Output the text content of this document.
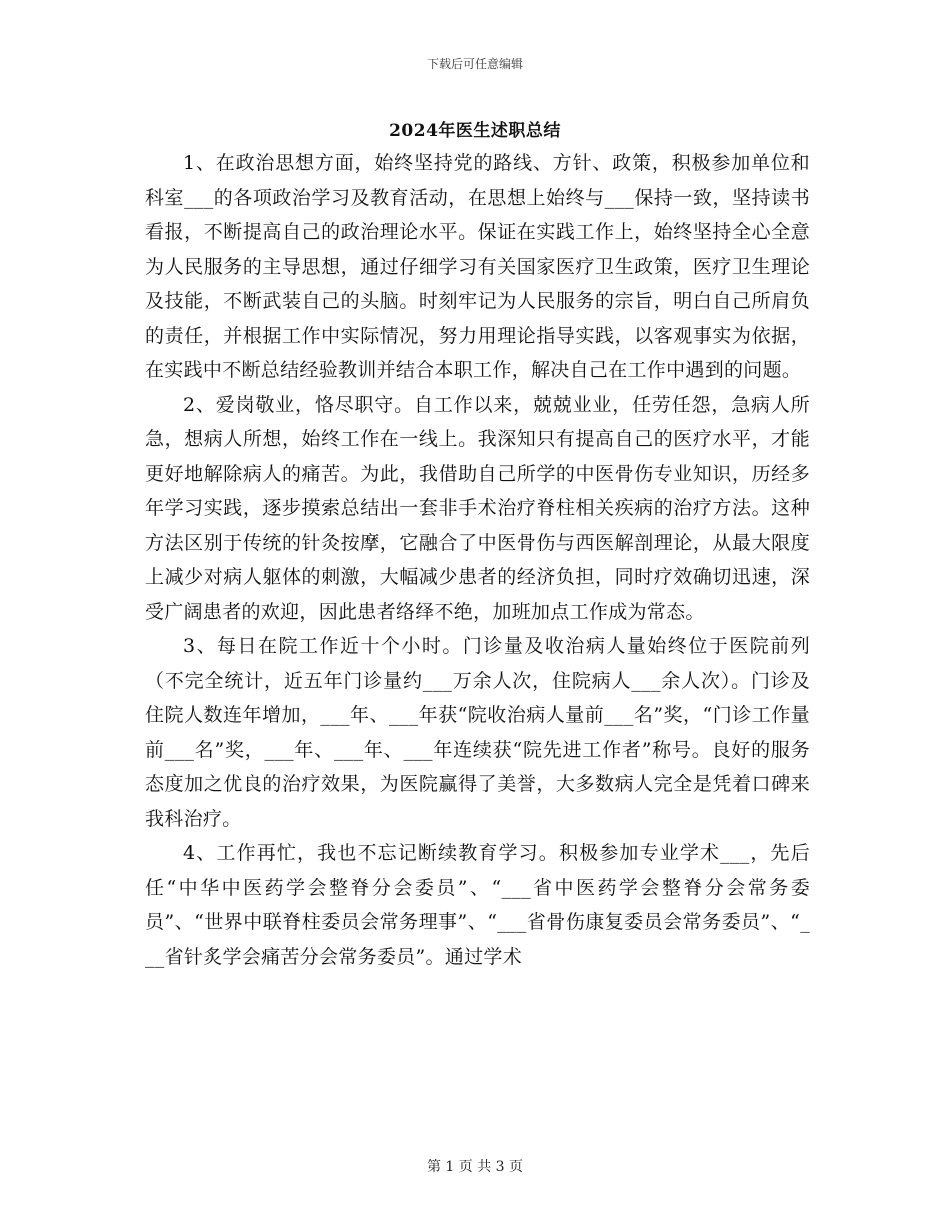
下载后可任意编辑
2024年医生述职总结

1、在政治思想方面，始终坚持党的路线、方针、政策，积极参加单位和科室___的各项政治学习及教育活动，在思想上始终与___保持一致，坚持读书看报，不断提高自己的政治理论水平。保证在实践工作上，始终坚持全心全意为人民服务的主导思想，通过仔细学习有关国家医疗卫生政策，医疗卫生理论及技能，不断武装自己的头脑。时刻牢记为人民服务的宗旨，明白自己所肩负的责任，并根据工作中实际情况，努力用理论指导实践，以客观事实为依据，在实践中不断总结经验教训并结合本职工作，解决自己在工作中遇到的问题。

2、爱岗敬业，恪尽职守。自工作以来，兢兢业业，任劳任怨，急病人所急，想病人所想，始终工作在一线上。我深知只有提高自己的医疗水平，才能更好地解除病人的痛苦。为此，我借助自己所学的中医骨伤专业知识，历经多年学习实践，逐步摸索总结出一套非手术治疗脊柱相关疾病的治疗方法。这种方法区别于传统的针灸按摩，它融合了中医骨伤与西医解剖理论，从最大限度上减少对病人躯体的刺激，大幅减少患者的经济负担，同时疗效确切迅速，深受广阔患者的欢迎，因此患者络绎不绝，加班加点工作成为常态。

3、每日在院工作近十个小时。门诊量及收治病人量始终位于医院前列（不完全统计，近五年门诊量约___万余人次，住院病人___余人次）。门诊及住院人数连年增加，___年、___年获“院收治病人量前___名”奖，“门诊工作量前___名”奖，___年、___年、___年连续获“院先进工作者”称号。良好的服务态度加之优良的治疗效果，为医院赢得了美誉，大多数病人完全是凭着口碑来我科治疗。

4、工作再忙，我也不忘记断续教育学习。积极参加专业学术___，先后任“中华中医药学会整脊分会委员”、“___省中医药学会整脊分会常务委员”、“世界中联脊柱委员会常务理事”、“___省骨伤康复委员会常务委员”、“___省针炙学会痛苦分会常务委员”。通过学术

第 1 页 共 3 页
